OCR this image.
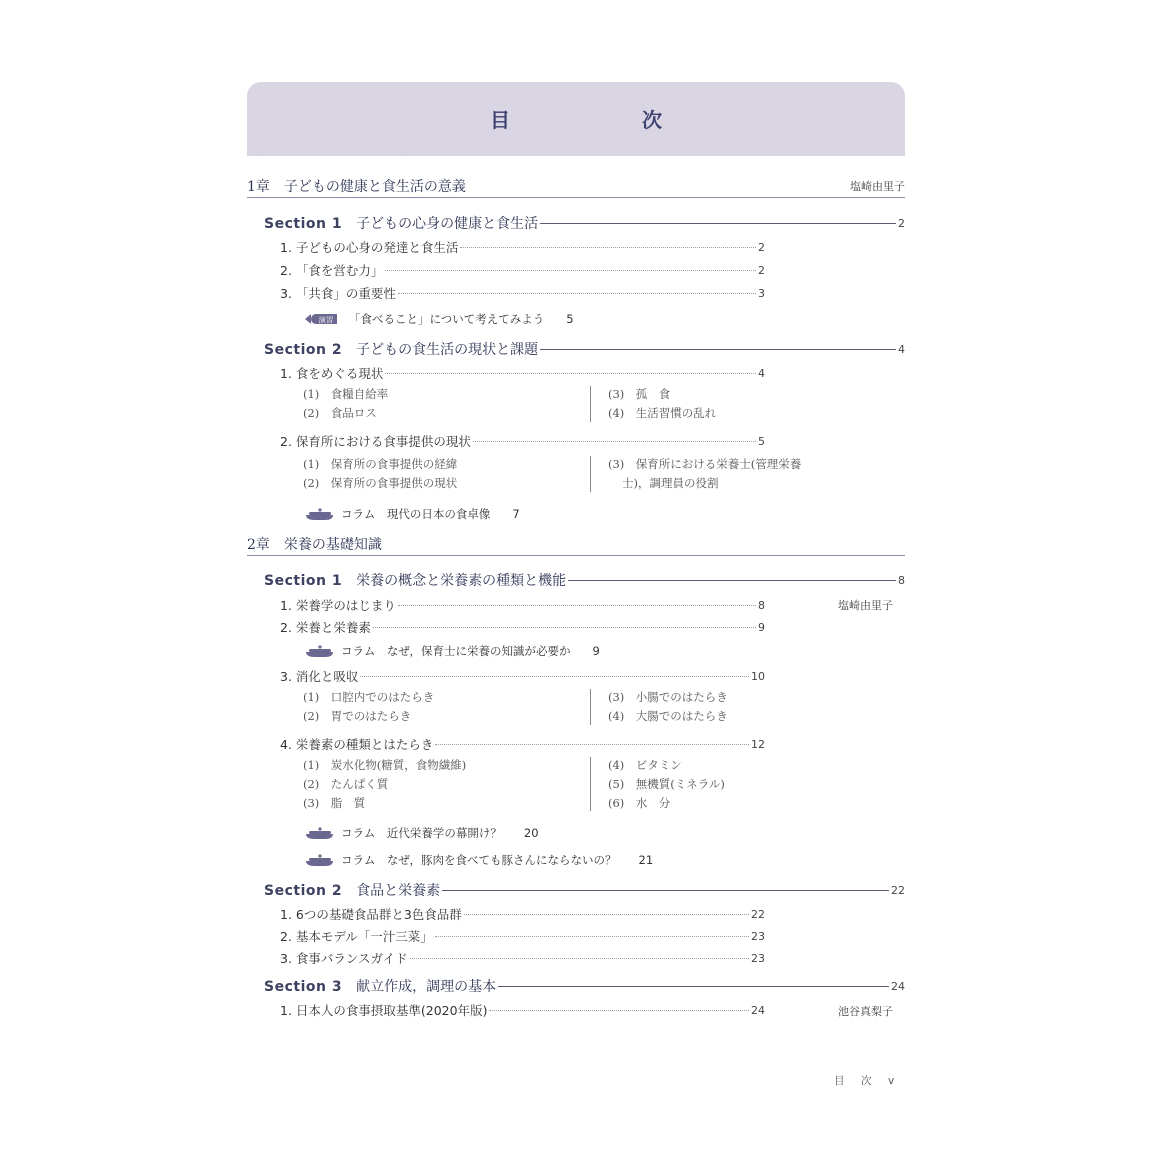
目　次
1章　子どもの健康と食生活の意義	塩崎由里子
Section 1　 子どもの心身の健康と食生活	2
1. 子どもの心身の発達と食生活	2
2. 「食を営む力」	2
3. 「共食」の重要性	3
演習 「食べること」について考えてみよう 5
Section 2　 子どもの食生活の現状と課題	4
1. 食をめぐる現状	4
(1)　食糧自給率
(2)　食品ロス
(3)　孤　食
(4)　生活習慣の乱れ
2. 保育所における食事提供の現状	5
(1)　保育所の食事提供の経緯
(2)　保育所の食事提供の現状
(3)　保育所における栄養士(管理栄養
士)，調理員の役割
コラム　現代の日本の食卓像 7
2章　栄養の基礎知識
Section 1　 栄養の概念と栄養素の種類と機能	8
塩崎由里子
1. 栄養学のはじまり	8
2. 栄養と栄養素	9
コラム　なぜ，保育士に栄養の知識が必要か 9
3. 消化と吸収	10
(1)　口腔内でのはたらき
(2)　胃でのはたらき
(3)　小腸でのはたらき
(4)　大腸でのはたらき
4. 栄養素の種類とはたらき	12
(1)　炭水化物(糖質，食物繊維)
(2)　たんぱく質
(3)　脂　質
(4)　ビタミン
(5)　無機質(ミネラル)
(6)　水　分
コラム　近代栄養学の幕開け？ 20
コラム　なぜ，豚肉を食べても豚さんにならないの？ 21
Section 2　 食品と栄養素	22
1. 6つの基礎食品群と3色食品群	22
2. 基本モデル「一汁三菜」	23
3. 食事バランスガイド	23
Section 3　 献立作成，調理の基本	24
1. 日本人の食事摂取基準(2020年版)	24	池谷真梨子
目　次　v
